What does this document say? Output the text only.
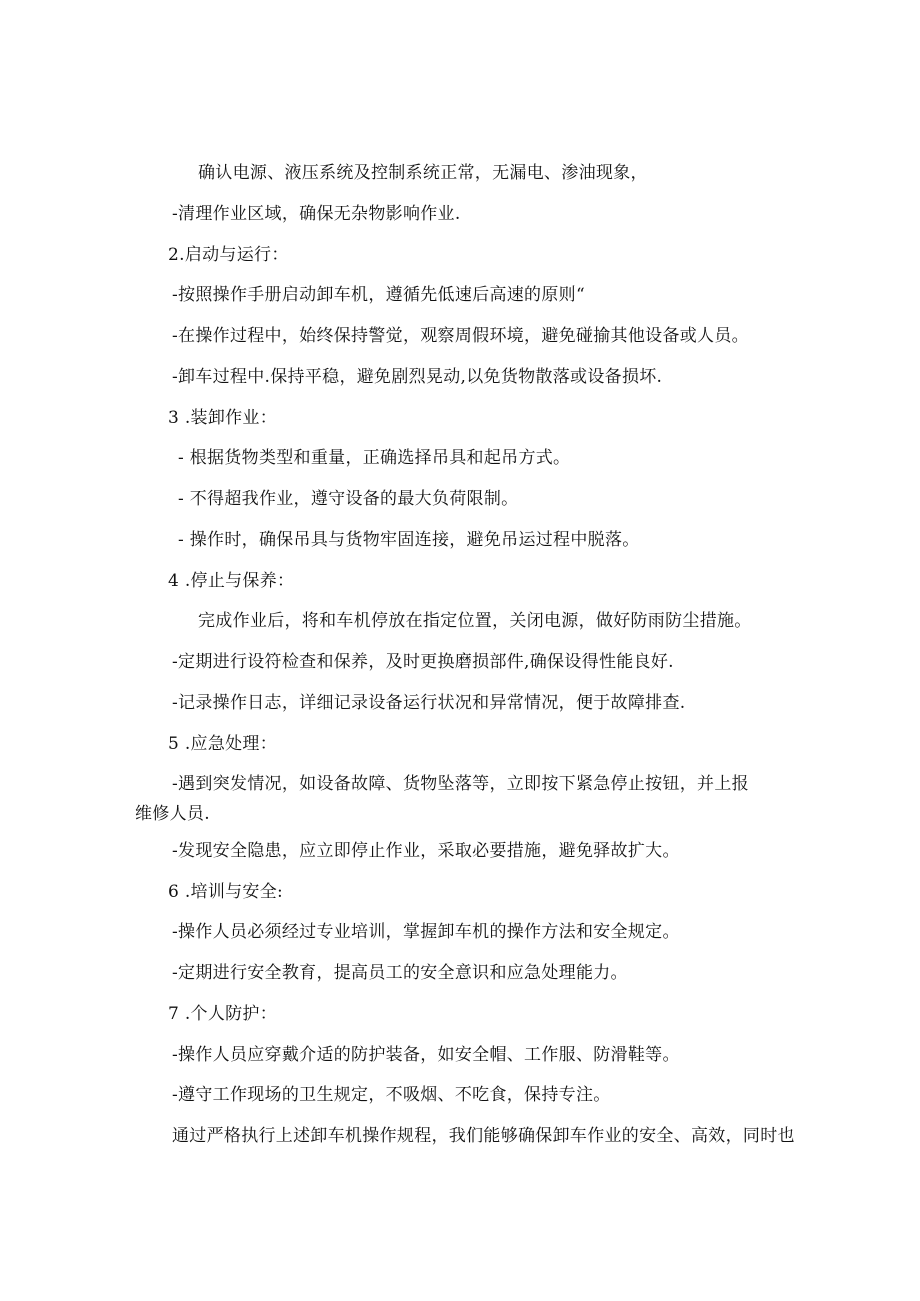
确认电源、液压系统及控制系统正常，无漏电、渗油现象，
-清理作业区域，确保无杂物影响作业.
2.启动与运行：
-按照操作手册启动卸车机，遵循先低速后高速的原则“
-在操作过程中，始终保持警觉，观察周假环境，避免碰揄其他设备或人员。
-卸车过程中.保持平稳，避免剧烈晃动,以免货物散落或设备损坏.
3 .装卸作业：
- 根据货物类型和重量，正确选择吊具和起吊方式。
- 不得超我作业，遵守设备的最大负荷限制。
- 操作时，确保吊具与货物牢固连接，避免吊运过程中脱落。
4 .停止与保养：
完成作业后，将和车机停放在指定位置，关闭电源，做好防雨防尘措施。
-定期进行设符检查和保养，及时更换磨损部件,确保设得性能良好.
-记录操作日志，详细记录设备运行状况和异常情况，便于故障排查.
5 .应急处理：
-遇到突发情况，如设备故障、货物坠落等，立即按下紧急停止按钮，并上报维修人员.
-发现安全隐患，应立即停止作业，采取必要措施，避免驿故扩大。
6 .培训与安全:
-操作人员必须经过专业培训，掌握卸车机的操作方法和安全规定。
-定期进行安全教育，提高员工的安全意识和应急处理能力。
7 .个人防护：
-操作人员应穿戴介适的防护装备，如安全帽、工作服、防滑鞋等。
-遵守工作现场的卫生规定，不吸烟、不吃食，保持专注。
通过严格执行上述卸车机操作规程，我们能够确保卸车作业的安全、高效，同时也
